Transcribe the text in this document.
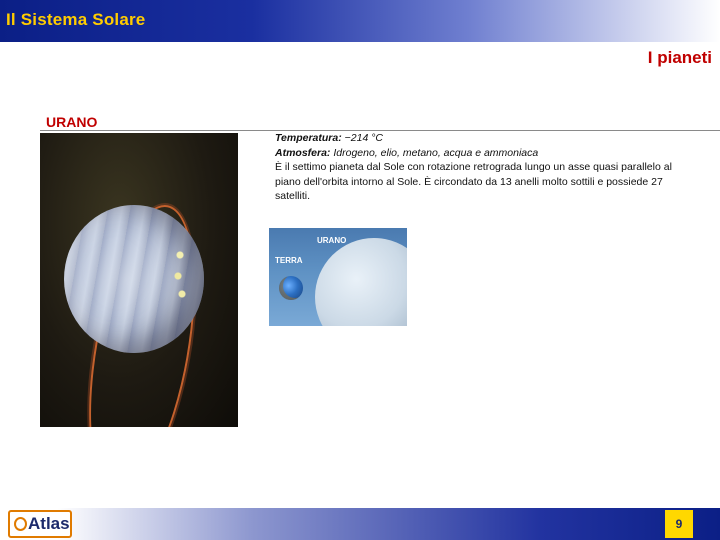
Il Sistema Solare
I pianeti
URANO
Temperatura: −214 °C
Atmosfera: Idrogeno, elio, metano, acqua e ammoniaca
È il settimo pianeta dal Sole con rotazione retrograda lungo un asse quasi parallelo al piano dell'orbita intorno al Sole. È circondato da 13 anelli molto sottili e possiede 27 satelliti.
URANO
TERRA
Atlas	9
